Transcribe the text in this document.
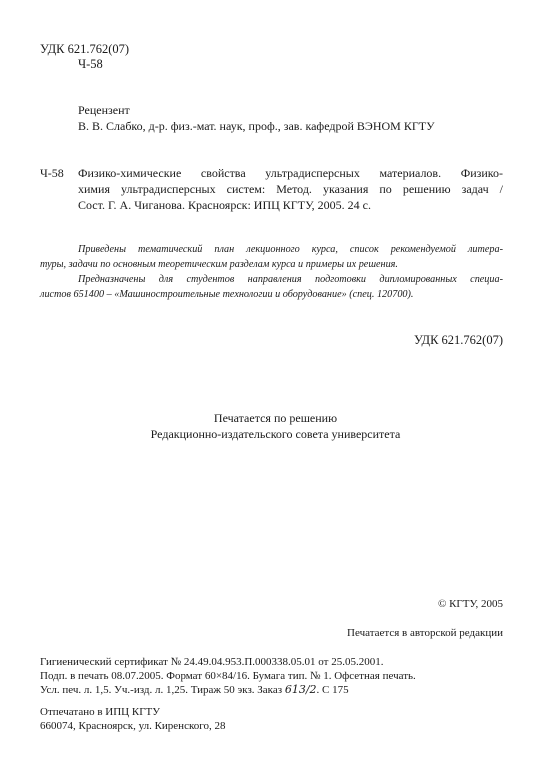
УДК 621.762(07)
Ч-58
Рецензент
В. В. Слабко, д-р. физ.-мат. наук, проф., зав. кафедрой ВЭНОМ КГТУ
Ч-58 Физико-химические свойства ультрадисперсных материалов. Физико-
химия ультрадисперсных систем: Метод. указания по решению задач /
Сост. Г. А. Чиганова. Красноярск: ИПЦ КГТУ, 2005. 24 с.
Приведены тематический план лекционного курса, список рекомендуемой литера-
туры, задачи по основным теоретическим разделам курса и примеры их решения.
Предназначены для студентов направления подготовки дипломированных специа-
листов 651400 – «Машиностроительные технологии и оборудование» (спец. 120700).
УДК 621.762(07)
Печатается по решению
Редакционно-издательского совета университета
© КГТУ, 2005
Печатается в авторской редакции
Гигиенический сертификат № 24.49.04.953.П.000338.05.01 от 25.05.2001.
Подп. в печать 08.07.2005. Формат 60×84/16. Бумага тип. № 1. Офсетная печать.
Усл. печ. л. 1,5. Уч.-изд. л. 1,25. Тираж 50 экз. Заказ 613/2. С 175
Отпечатано в ИПЦ КГТУ
660074, Красноярск, ул. Киренского, 28
